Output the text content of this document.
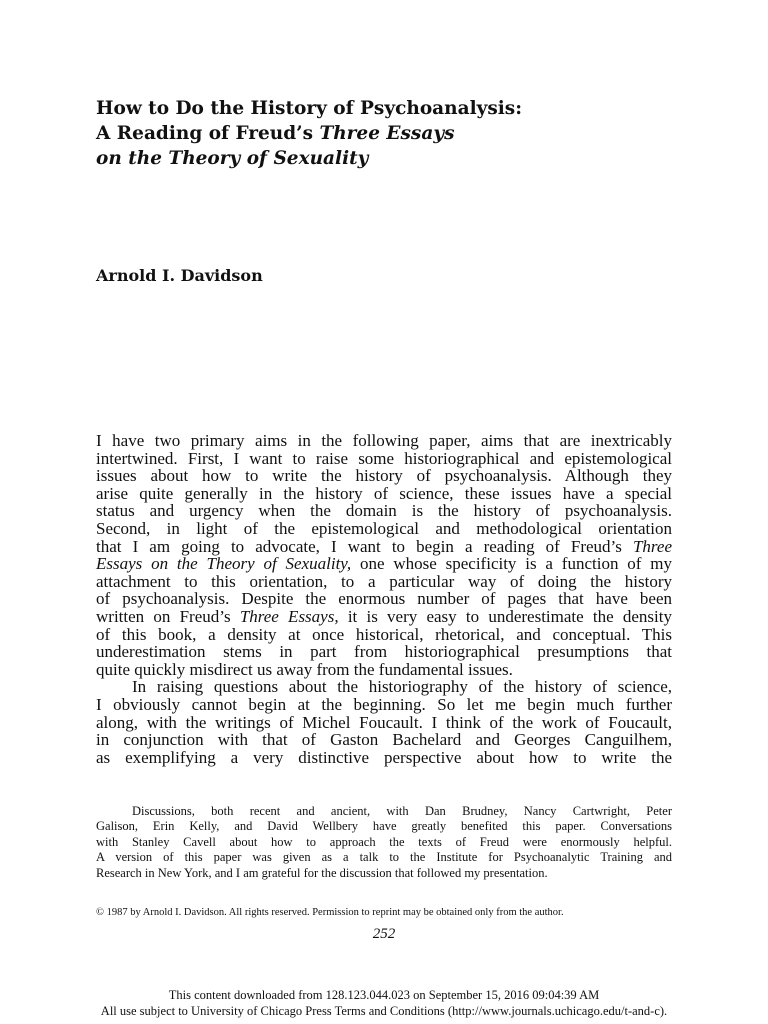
How to Do the History of Psychoanalysis:
A Reading of Freud’s Three Essays
on the Theory of Sexuality
Arnold I. Davidson

I have two primary aims in the following paper, aims that are inextricably
intertwined. First, I want to raise some historiographical and epistemological
issues about how to write the history of psychoanalysis. Although they
arise quite generally in the history of science, these issues have a special
status and urgency when the domain is the history of psychoanalysis.
Second, in light of the epistemological and methodological orientation
that I am going to advocate, I want to begin a reading of Freud’s Three
Essays on the Theory of Sexuality, one whose specificity is a function of my
attachment to this orientation, to a particular way of doing the history
of psychoanalysis. Despite the enormous number of pages that have been
written on Freud’s Three Essays, it is very easy to underestimate the density
of this book, a density at once historical, rhetorical, and conceptual. This
underestimation stems in part from historiographical presumptions that
quite quickly misdirect us away from the fundamental issues.

In raising questions about the historiography of the history of science,
I obviously cannot begin at the beginning. So let me begin much further
along, with the writings of Michel Foucault. I think of the work of Foucault,
in conjunction with that of Gaston Bachelard and Georges Canguilhem,
as exemplifying a very distinctive perspective about how to write the

Discussions, both recent and ancient, with Dan Brudney, Nancy Cartwright, Peter
Galison, Erin Kelly, and David Wellbery have greatly benefited this paper. Conversations
with Stanley Cavell about how to approach the texts of Freud were enormously helpful.
A version of this paper was given as a talk to the Institute for Psychoanalytic Training and
Research in New York, and I am grateful for the discussion that followed my presentation.
© 1987 by Arnold I. Davidson. All rights reserved. Permission to reprint may be obtained only from the author.
252
This content downloaded from 128.123.044.023 on September 15, 2016 09:04:39 AM
All use subject to University of Chicago Press Terms and Conditions (http://www.journals.uchicago.edu/t-and-c).
